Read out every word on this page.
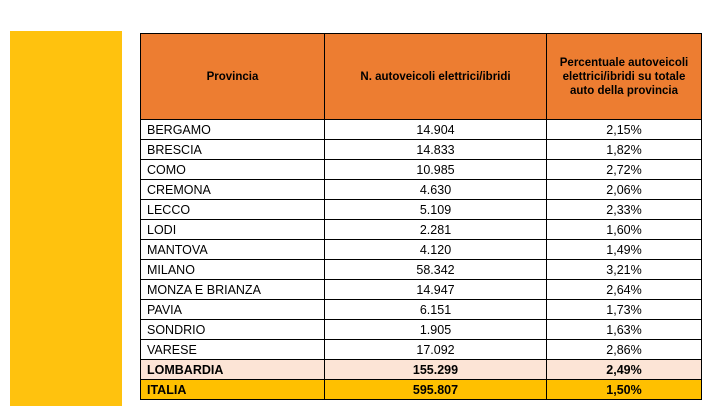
Provincia	N. autoveicoli elettrici/ibridi	Percentuale autoveicoli elettrici/ibridi su totale auto della provincia
BERGAMO	14.904	2,15%
BRESCIA	14.833	1,82%
COMO	10.985	2,72%
CREMONA	4.630	2,06%
LECCO	5.109	2,33%
LODI	2.281	1,60%
MANTOVA	4.120	1,49%
MILANO	58.342	3,21%
MONZA E BRIANZA	14.947	2,64%
PAVIA	6.151	1,73%
SONDRIO	1.905	1,63%
VARESE	17.092	2,86%
LOMBARDIA	155.299	2,49%
ITALIA	595.807	1,50%
